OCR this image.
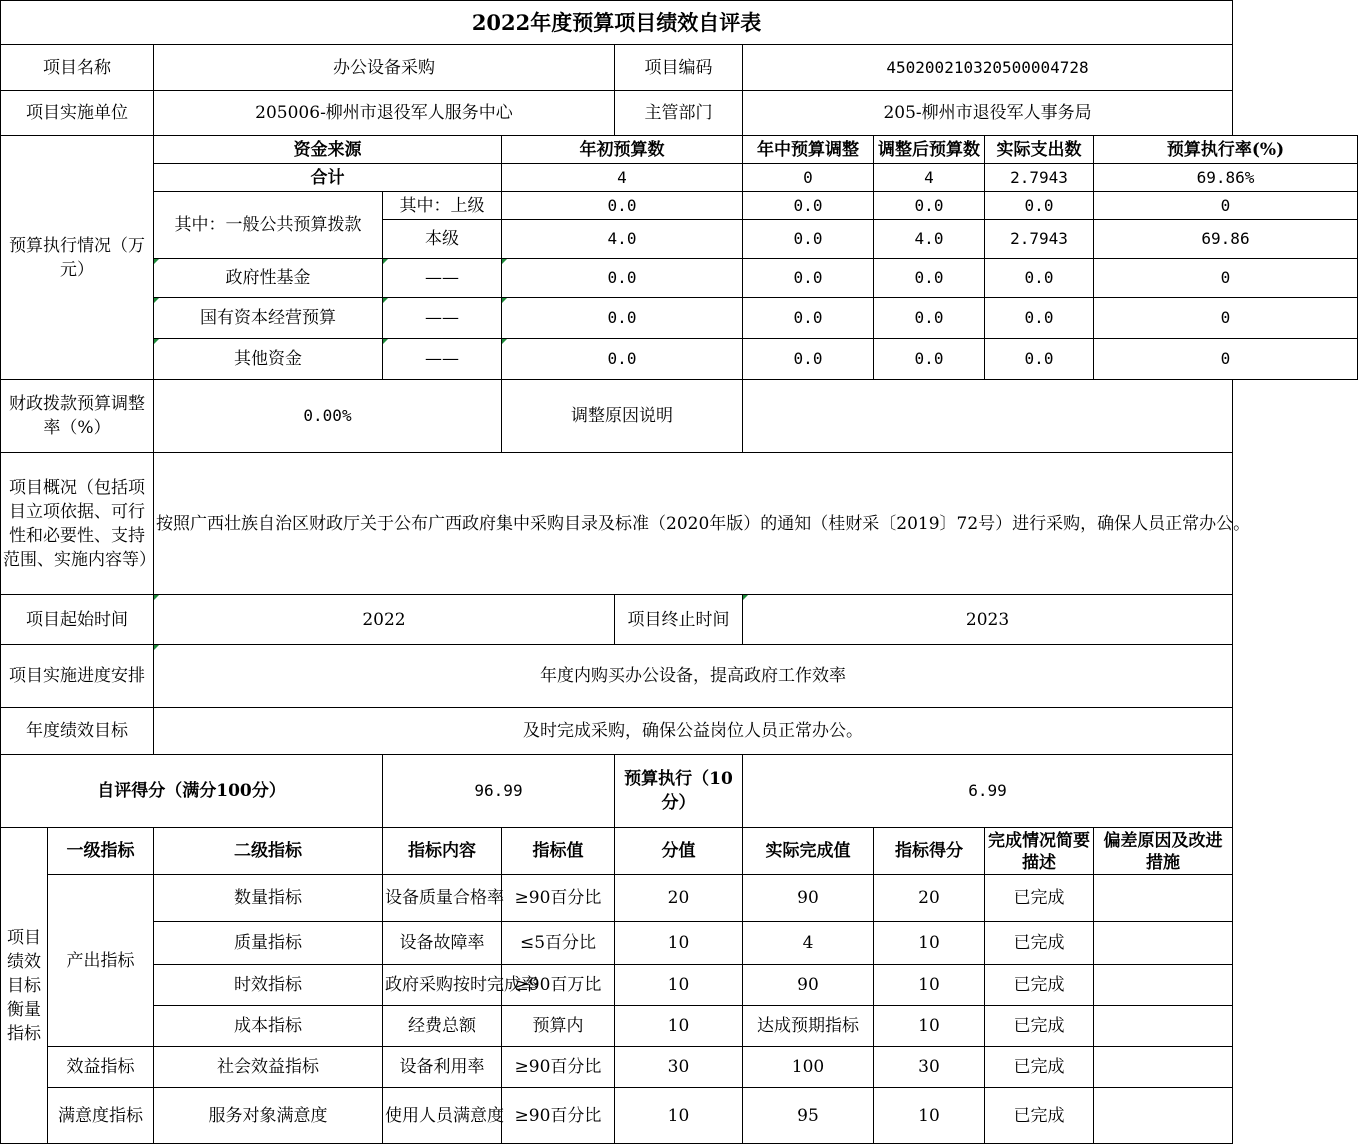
2022年度预算项目绩效自评表									
项目名称		办公设备采购			项目编码	450200210320500004728			
项目实施单位		205006-柳州市退役军人服务中心			主管部门	205-柳州市退役军人事务局			
预算执行情况（万元）		资金来源		年初预算数		年中预算调整	调整后预算数	实际支出数	预算执行率(%)
		合计		4		0	4	2.7943	69.86%
		其中：一般公共预算拨款	其中：上级	0.0		0.0	0.0	0.0	0
			本级	4.0		0.0	4.0	2.7943	69.86
		政府性基金	——	0.0		0.0	0.0	0.0	0
		国有资本经营预算	——	0.0		0.0	0.0	0.0	0
		其他资金	——	0.0		0.0	0.0	0.0	0
财政拨款预算调整率（%）		0.00%		调整原因说明					
项目概况（包括项目立项依据、可行性和必要性、支持范围、实施内容等）		按照广西壮族自治区财政厅关于公布广西政府集中采购目录及标准（2020年版）的通知（桂财采〔2019〕72号）进行采购，确保人员正常办公。							
项目起始时间		2022			项目终止时间	2023			
项目实施进度安排		年度内购买办公设备，提高政府工作效率							
年度绩效目标		及时完成采购，确保公益岗位人员正常办公。							
自评得分（满分100分）			96.99		预算执行（10分）	6.99			
项目绩效目标衡量指标	一级指标	二级指标	指标内容	指标值	分值	实际完成值	指标得分	完成情况简要描述	偏差原因及改进措施
	产出指标	数量指标	设备质量合格率	≥90百分比	20	90	20	已完成	
		质量指标	设备故障率	≤5百分比	10	4	10	已完成	
		时效指标	政府采购按时完成率	≥90百万比	10	90	10	已完成	
		成本指标	经费总额	预算内	10	达成预期指标	10	已完成	
	效益指标	社会效益指标	设备利用率	≥90百分比	30	100	30	已完成	
	满意度指标	服务对象满意度	使用人员满意度	≥90百分比	10	95	10	已完成	
